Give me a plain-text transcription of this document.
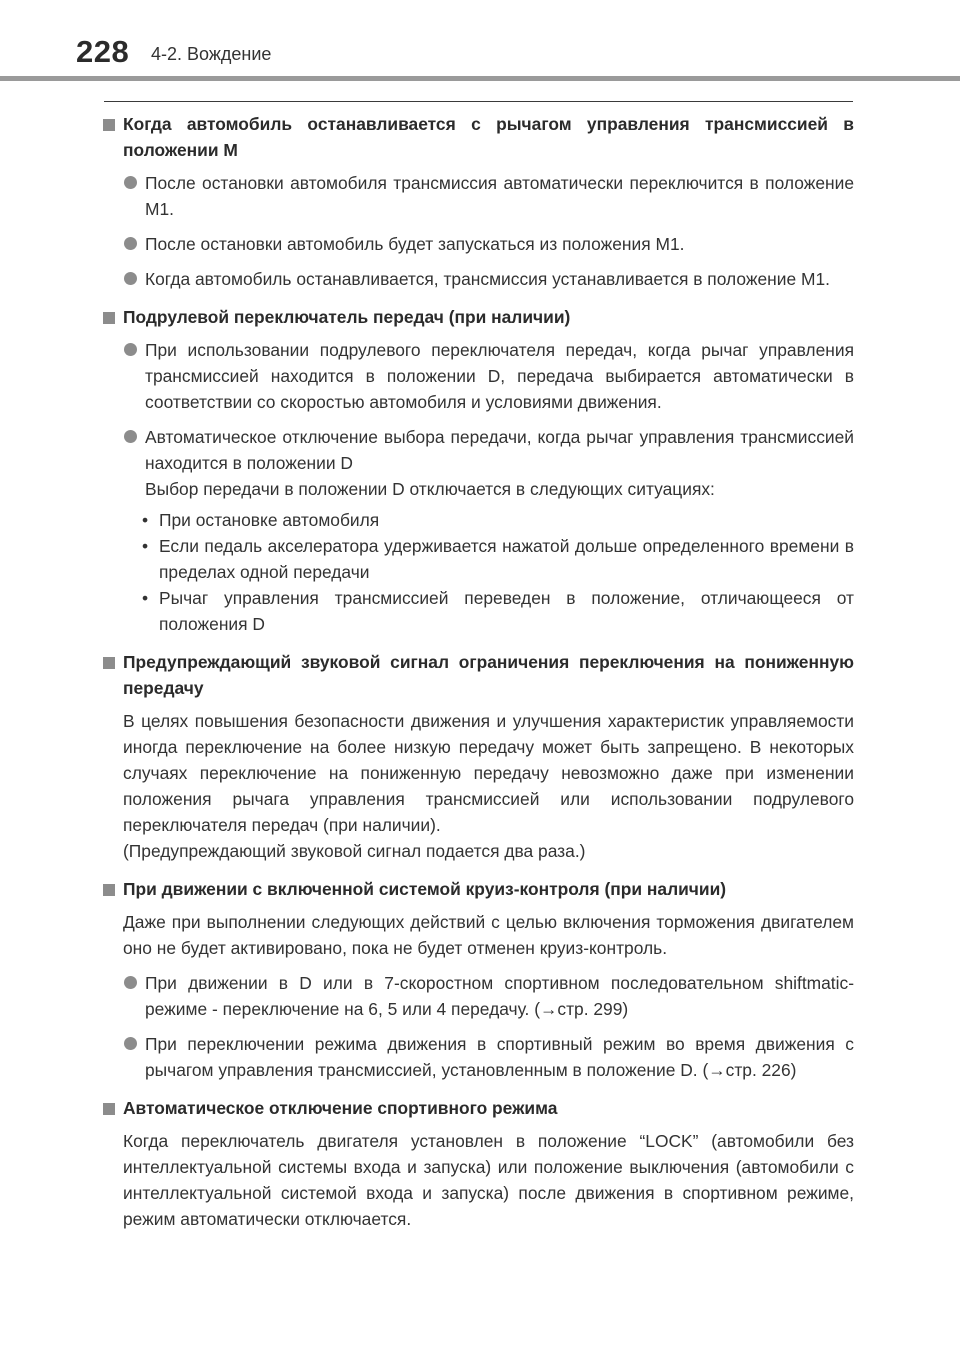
228 4-2. Вождение
Когда автомобиль останавливается с рычагом управления трансмиссией в положении M
После остановки автомобиля трансмиссия автоматически переключится в положение M1.
После остановки автомобиль будет запускаться из положения M1.
Когда автомобиль останавливается, трансмиссия устанавливается в положение M1.
Подрулевой переключатель передач (при наличии)
При использовании подрулевого переключателя передач, когда рычаг управления трансмиссией находится в положении D, передача выбирается автоматически в соответствии со скоростью автомобиля и условиями движения.
Автоматическое отключение выбора передачи, когда рычаг управления трансмиссией находится в положении D
Выбор передачи в положении D отключается в следующих ситуациях:
• При остановке автомобиля
• Если педаль акселератора удерживается нажатой дольше определенного времени в пределах одной передачи
• Рычаг управления трансмиссией переведен в положение, отличающееся от положения D
Предупреждающий звуковой сигнал ограничения переключения на пониженную передачу
В целях повышения безопасности движения и улучшения характеристик управляемости иногда переключение на более низкую передачу может быть запрещено. В некоторых случаях переключение на пониженную передачу невозможно даже при изменении положения рычага управления трансмиссией или использовании подрулевого переключателя передач (при наличии).
(Предупреждающий звуковой сигнал подается два раза.)
При движении с включенной системой круиз-контроля (при наличии)
Даже при выполнении следующих действий с целью включения торможения двигателем оно не будет активировано, пока не будет отменен круиз-контроль.
При движении в D или в 7-скоростном спортивном последовательном shiftmatic-режиме - переключение на 6, 5 или 4 передачу. (→стр. 299)
При переключении режима движения в спортивный режим во время движения с рычагом управления трансмиссией, установленным в положение D. (→стр. 226)
Автоматическое отключение спортивного режима
Когда переключатель двигателя установлен в положение “LOCK” (автомобили без интеллектуальной системы входа и запуска) или положение выключения (автомобили с интеллектуальной системой входа и запуска) после движения в спортивном режиме, режим автоматически отключается.
